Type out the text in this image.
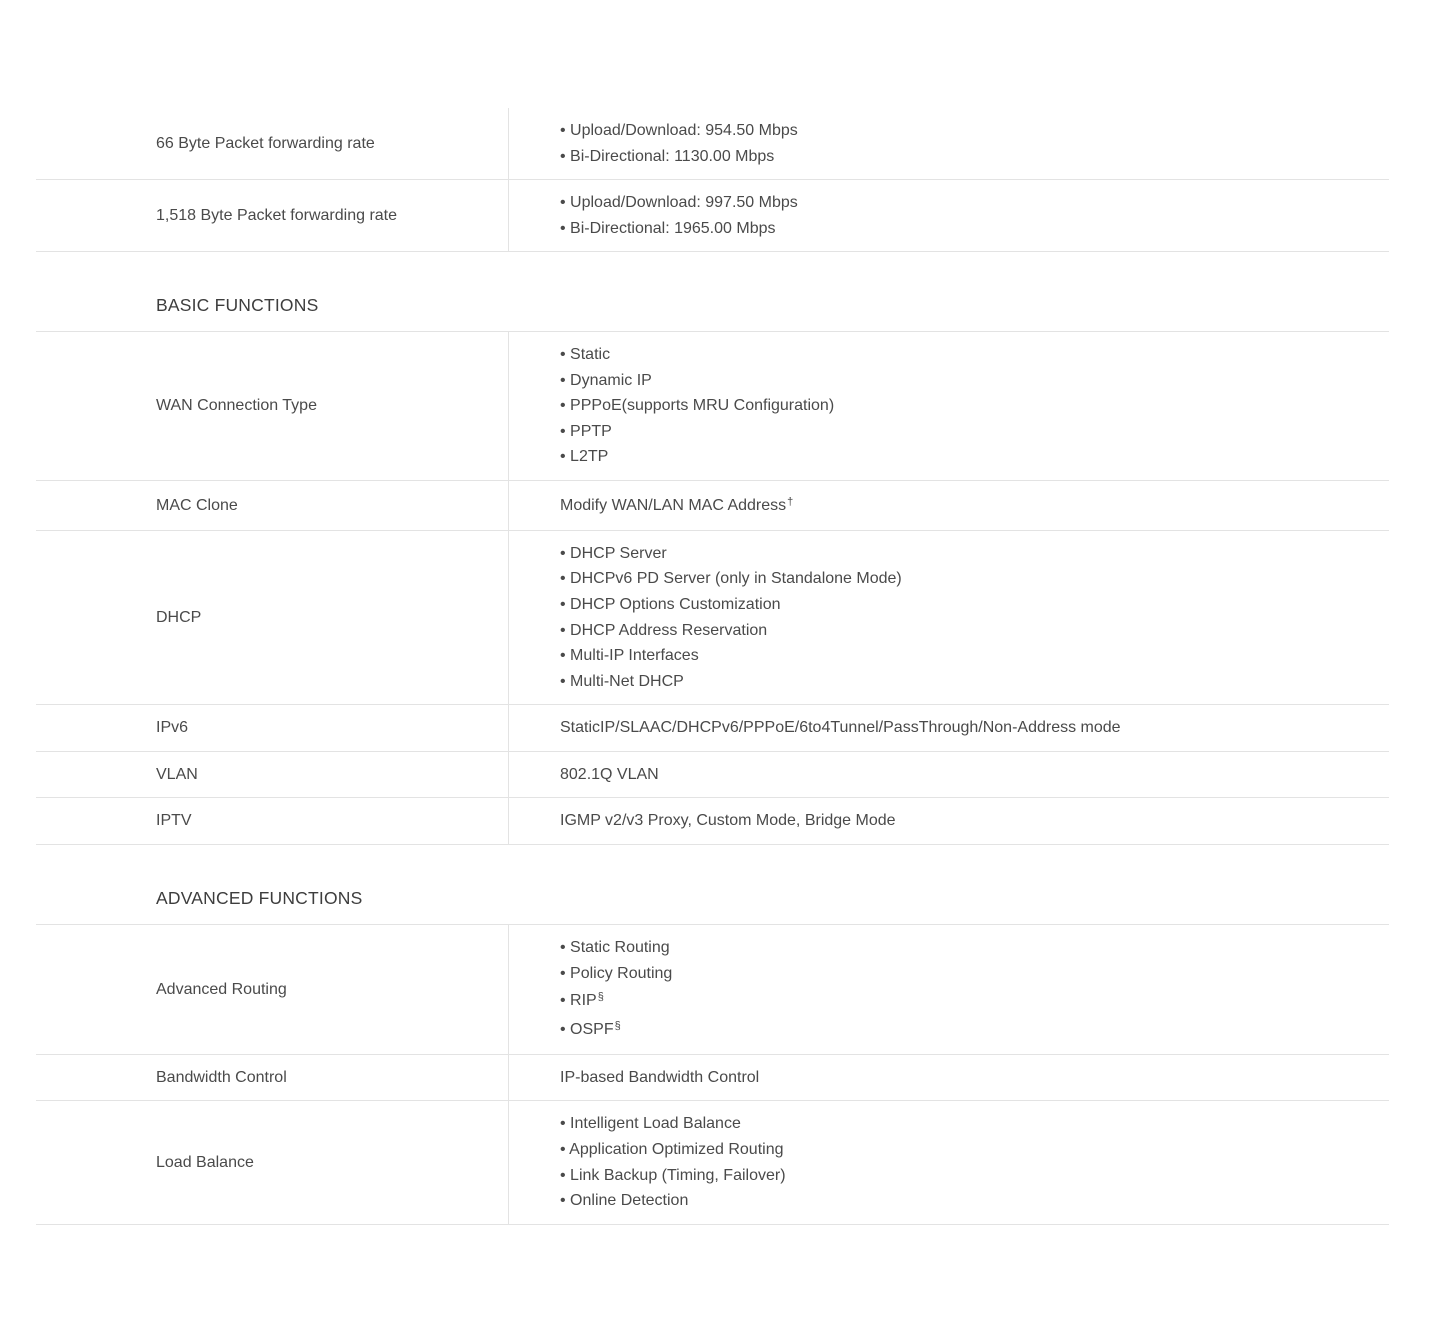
66 Byte Packet forwarding rate
• Upload/Download: 954.50 Mbps
• Bi-Directional: 1130.00 Mbps
1,518 Byte Packet forwarding rate
• Upload/Download: 997.50 Mbps
• Bi-Directional: 1965.00 Mbps
BASIC FUNCTIONS
WAN Connection Type
• Static
• Dynamic IP
• PPPoE(supports MRU Configuration)
• PPTP
• L2TP
MAC Clone	Modify WAN/LAN MAC Address†
DHCP
• DHCP Server
• DHCPv6 PD Server (only in Standalone Mode)
• DHCP Options Customization
• DHCP Address Reservation
• Multi-IP Interfaces
• Multi-Net DHCP
IPv6	StaticIP/SLAAC/DHCPv6/PPPoE/6to4Tunnel/PassThrough/Non-Address mode
VLAN	802.1Q VLAN
IPTV	IGMP v2/v3 Proxy, Custom Mode, Bridge Mode
ADVANCED FUNCTIONS
Advanced Routing
• Static Routing
• Policy Routing
• RIP§
• OSPF§
Bandwidth Control	IP-based Bandwidth Control
Load Balance
• Intelligent Load Balance
• Application Optimized Routing
• Link Backup (Timing, Failover)
• Online Detection
